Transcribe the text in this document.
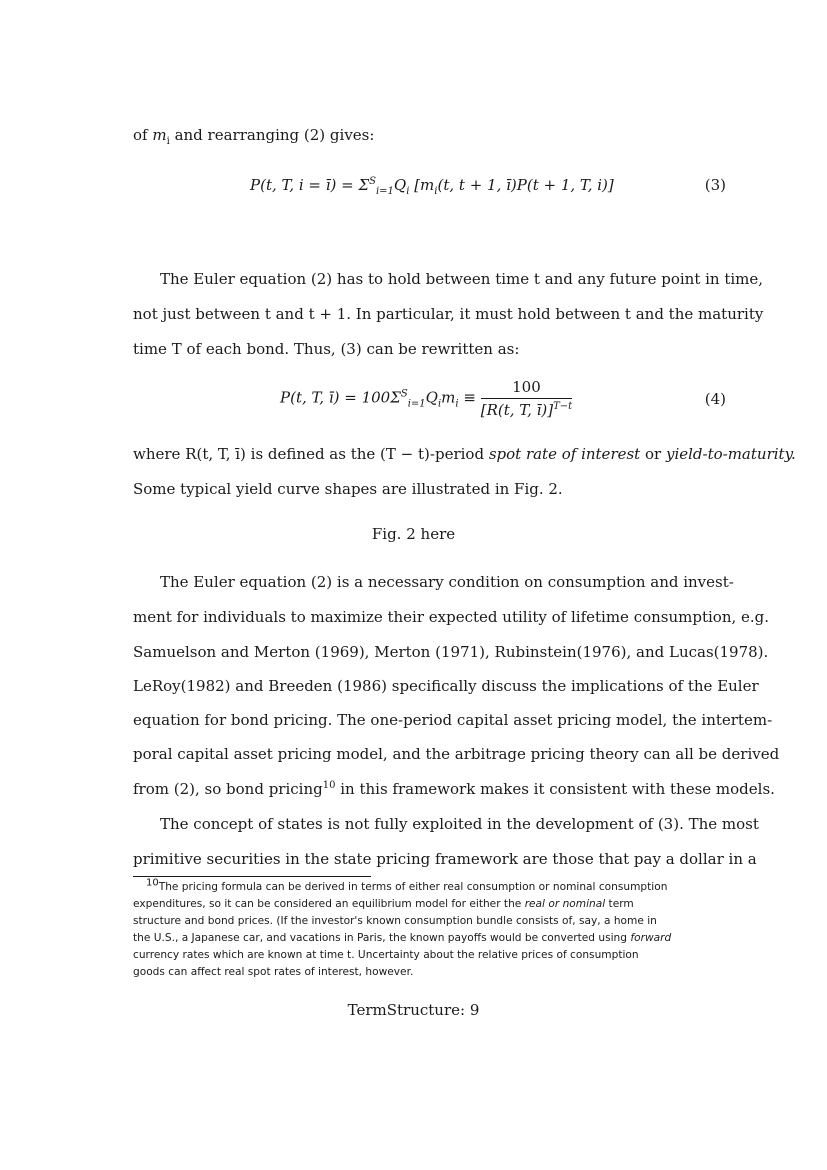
of $m_i$ and rearranging (2) gives:
P(t, T, i = ī) = $\Sigma^S_{i=1}Q_i$ [$m_i(t$, t + 1, ī)P(t + 1, T, i)]	(3)
The Euler equation (2) has to hold between time t and any future point in time,
not just between t and t + 1. In particular, it must hold between t and the maturity
time T of each bond. Thus, (3) can be rewritten as:
P(t, T, ī) = $100\Sigma^S_{i=1}Q_im_i \equiv \frac{100}{[R(t, T, ī)]^{T-t}}$	(4)
where R(t, T, ī) is defined as the (T − t)-period spot rate of interest or yield-to-maturity.
Some typical yield curve shapes are illustrated in Fig. 2.
Fig. 2 here
The Euler equation (2) is a necessary condition on consumption and invest-
ment for individuals to maximize their expected utility of lifetime consumption, e.g.
Samuelson and Merton (1969), Merton (1971), Rubinstein(1976), and Lucas(1978).
LeRoy(1982) and Breeden (1986) specifically discuss the implications of the Euler
equation for bond pricing. The one-period capital asset pricing model, the intertem-
poral capital asset pricing model, and the arbitrage pricing theory can all be derived
from (2), so bond pricing$^{10}$ in this framework makes it consistent with these models.
The concept of states is not fully exploited in the development of (3). The most
primitive securities in the state pricing framework are those that pay a dollar in a
$^{10}$The pricing formula can be derived in terms of either real consumption or nominal consumption
expenditures, so it can be considered an equilibrium model for either the real or nominal term
structure and bond prices. (If the investor's known consumption bundle consists of, say, a home in
the U.S., a Japanese car, and vacations in Paris, the known payoffs would be converted using forward
currency rates which are known at time t. Uncertainty about the relative prices of consumption
goods can affect real spot rates of interest, however.
TermStructure: 9
